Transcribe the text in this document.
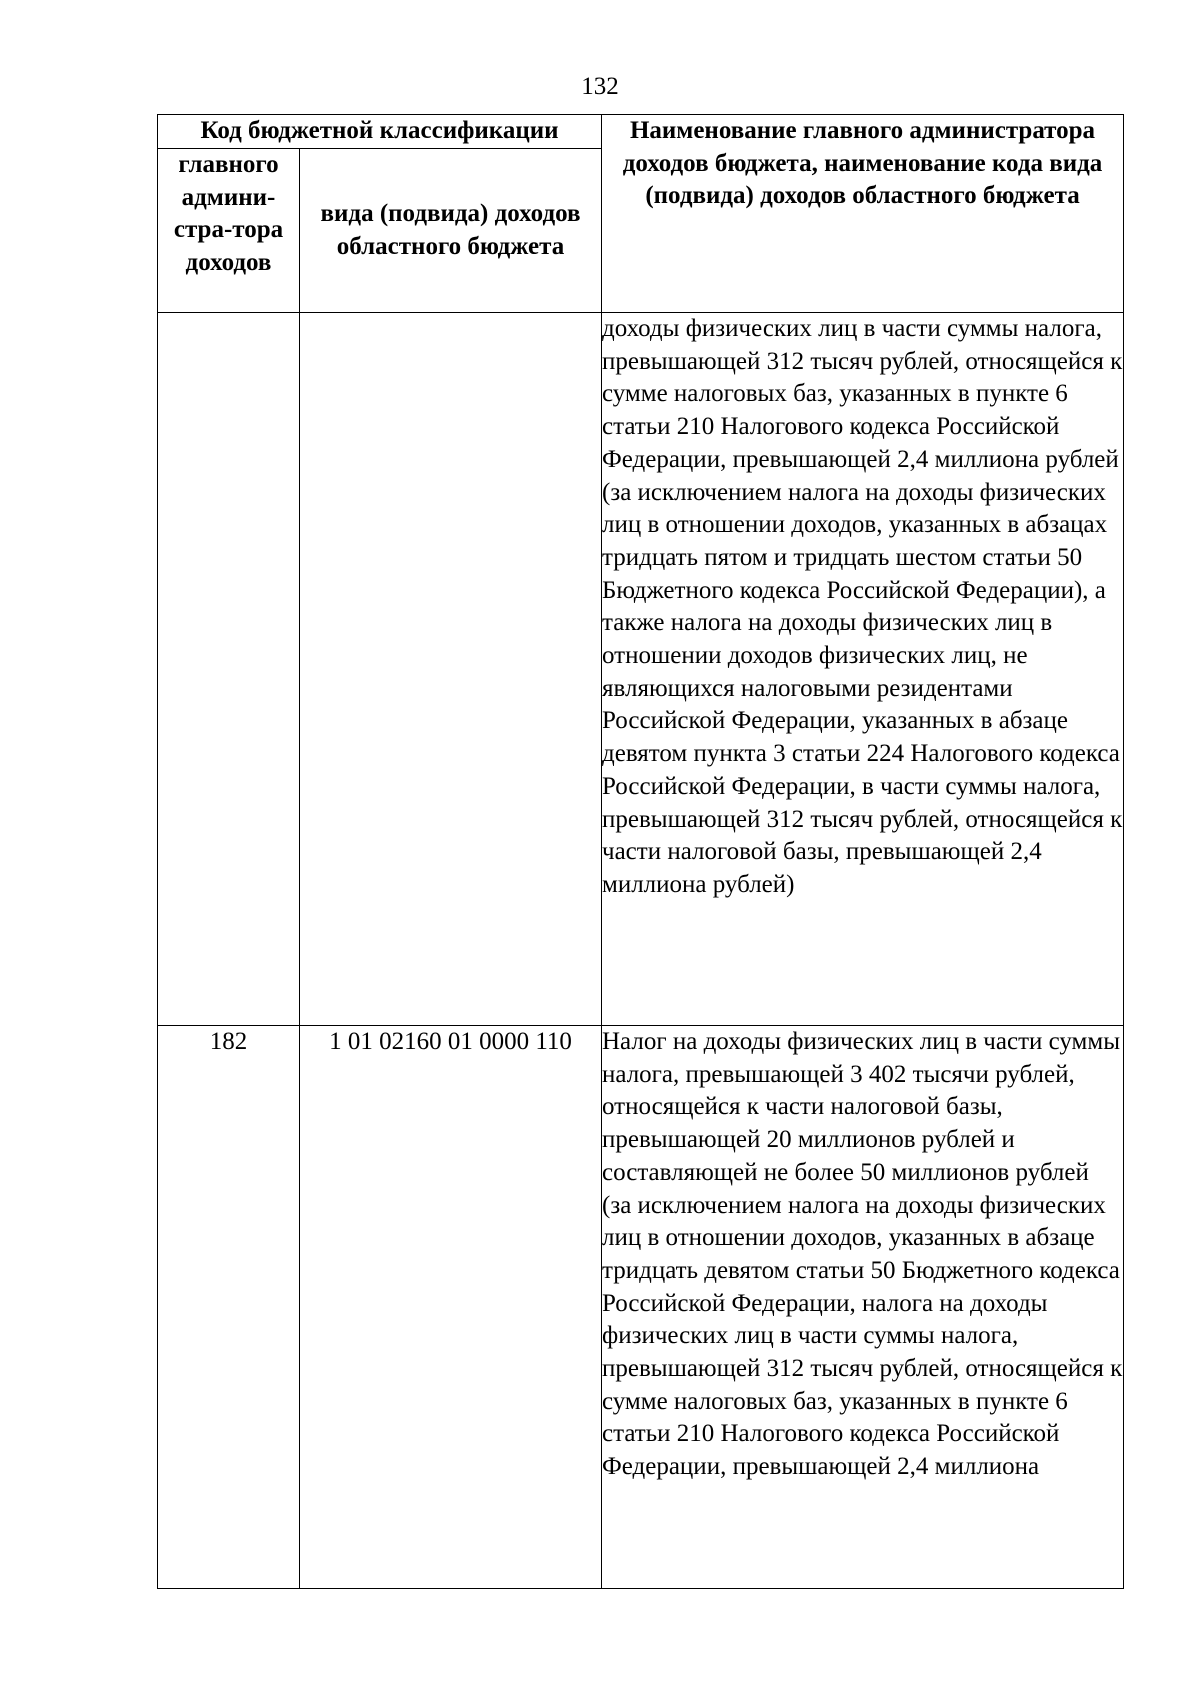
132
Код бюджетной классификации		Наименование главного администратора доходов бюджета, наименование кода вида (подвида) доходов областного бюджета
главного админи-стра-тора доходов	вида (подвида) доходов областного бюджета	
		доходы физических лиц в части суммы налога, превышающей 312 тысяч рублей, относящейся к сумме налоговых баз, указанных в пункте 6 статьи 210 Налогового кодекса Российской Федерации, превышающей 2,4 миллиона рублей (за исключением налога на доходы физических лиц в отношении доходов, указанных в абзацах тридцать пятом и тридцать шестом статьи 50 Бюджетного кодекса Российской Федерации), а также налога на доходы физических лиц в отношении доходов физических лиц, не являющихся налоговыми резидентами Российской Федерации, указанных в абзаце девятом пункта 3 статьи 224 Налогового кодекса Российской Федерации, в части суммы налога, превышающей 312 тысяч рублей, относящейся к части налоговой базы, превышающей 2,4 миллиона рублей)
182	1 01 02160 01 0000 110	Налог на доходы физических лиц в части суммы налога, превышающей 3 402 тысячи рублей, относящейся к части налоговой базы, превышающей 20 миллионов рублей и составляющей не более 50 миллионов рублей (за исключением налога на доходы физических лиц в отношении доходов, указанных в абзаце тридцать девятом статьи 50 Бюджетного кодекса Российской Федерации, налога на доходы физических лиц в части суммы налога, превышающей 312 тысяч рублей, относящейся к сумме налоговых баз, указанных в пункте 6 статьи 210 Налогового кодекса Российской Федерации, превышающей 2,4 миллиона
